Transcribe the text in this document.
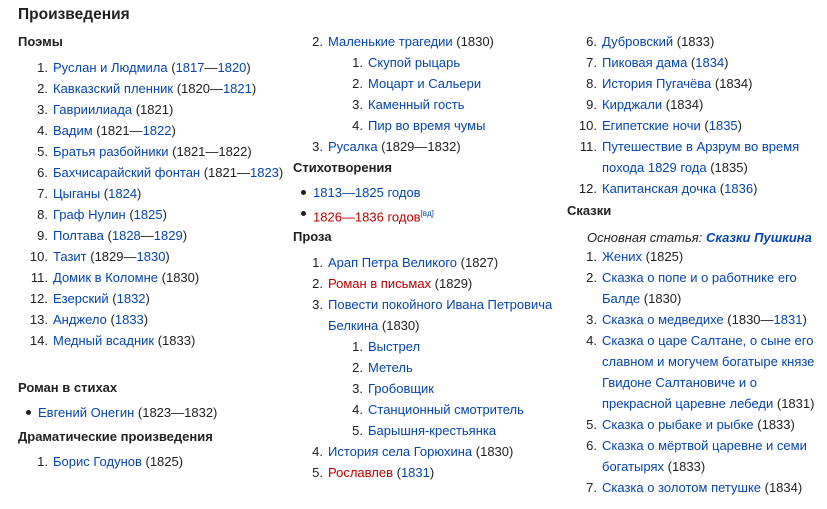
Произведения
Поэмы
1. Руслан и Людмила (1817—1820)
2. Кавказский пленник (1820—1821)
3. Гавриилиада (1821)
4. Вадим (1821—1822)
5. Братья разбойники (1821—1822)
6. Бахчисарайский фонтан (1821—1823)
7. Цыганы (1824)
8. Граф Нулин (1825)
9. Полтава (1828—1829)
10. Тазит (1829—1830)
11. Домик в Коломне (1830)
12. Езерский (1832)
13. Анджело (1833)
14. Медный всадник (1833)
Роман в стихах
Евгений Онегин (1823—1832)
Драматические произведения
1. Борис Годунов (1825)
2. Маленькие трагедии (1830)
1. Скупой рыцарь
2. Моцарт и Сальери
3. Каменный гость
4. Пир во время чумы
3. Русалка (1829—1832)
Стихотворения
1813—1825 годов
1826—1836 годов[вд]
Проза
1. Арап Петра Великого (1827)
2. Роман в письмах (1829)
3. Повести покойного Ивана Петровича Белкина (1830)
1. Выстрел
2. Метель
3. Гробовщик
4. Станционный смотритель
5. Барышня-крестьянка
4. История села Горюхина (1830)
5. Рославлев (1831)
6. Дубровский (1833)
7. Пиковая дама (1834)
8. История Пугачёва (1834)
9. Кирджали (1834)
10. Египетские ночи (1835)
11. Путешествие в Арзрум во время похода 1829 года (1835)
12. Капитанская дочка (1836)
Сказки
Основная статья: Сказки Пушкина
1. Жених (1825)
2. Сказка о попе и о работнике его Балде (1830)
3. Сказка о медведихе (1830—1831)
4. Сказка о царе Салтане, о сыне его славном и могучем богатыре князе Гвидоне Салтановиче и о прекрасной царевне лебеди (1831)
5. Сказка о рыбаке и рыбке (1833)
6. Сказка о мёртвой царевне и семи богатырях (1833)
7. Сказка о золотом петушке (1834)
